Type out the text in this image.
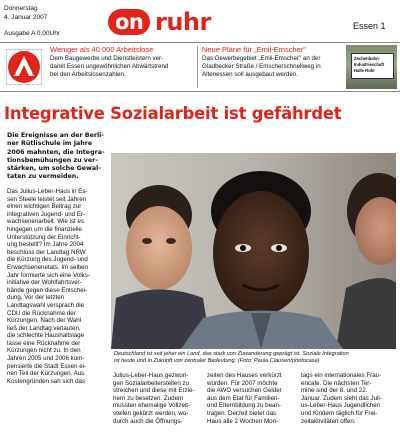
Donnerstag
4. Januar 2007
Ausgabe A 0.00Uhr	on ruhr	Essen 1
Weniger als 40 000 Arbeitslose
Dem Baugewerbe und Dienstleistern ver-
dankt Essen ungewöhnlichen Abwärtstrend
bei den Arbeitslosenzahlen.
Neue Pläne für „Emil-Emscher"
Das Gewerbegebiet „Emil-Emscher" an der
Gladbecker Straße / Emscherschnellweg in
Altenessen soll ausgebaut werden.
Zechenbahn-
Industrieschaft
Halle Ruhr
Integrative Sozialarbeit ist gefährdet
Die Ereignisse an der Berli-
ner Rütlischule im Jahre
2006 mahnten, die Integra-
tionsbemühungen zu ver-
stärken, um solche Gewal-
taten zu vermeiden.
Das Julius-Leber-Haus in Es-
sen Steele leistet seit Jahren
einen wichtigen Beitrag zur
integrativen Jugend- und Er-
wachsenenarbeit. Wie ist es
hingegen um die finanzielle
Unterstützung der Einricht-
ung bestellt? Im Jahre 2004
beschloss der Landtag NRW
die Kürzung des Jugend- und
Erwachsenenetats. Im selben
Jahr formierte sich eine Volks-
initiative der Wohlfahrtsver-
bände gegen diese Entschei-
dung. Vor der letzten
Landtagswahl versprach die
CDU die Rücknahme der
Kürzungen. Nach der Wahl
ließ der Landtag verlauten,
die schlechte Haushaltslage
lasse eine Rücknahme der
Kürzungen nicht zu. In den
Jahren 2005 und 2006 kom-
pensierte die Stadt Essen ei-
nen Teil der Kürzungen. Aus
Kostengründen sah sich das
Deutschland ist seit jeher ein Land, das stark von Zuwanderung geprägt ist. Soziale Integration
ist heute und in Zukunft von zentraler Bedeutung. (Foto: Paula Clausen/photocase)
Julius-Leber-Haus gezwun-
gen Sozialarbeiterstellen zu
streichen und diese mit Erzie-
hern zu besetzen. Zudem
mussten ehemalige Vollzeit-
stellen gekürzt werden, wo-
durch auch die Öffnungs-
zeiten des Hauses verkürzt
wurden. Für 2007 möchte
die AWO versuchen Gelder
aus dem Etat für Familien-
und Elternbildung zu bean-
tragen. Derzeit bietet das
Haus alle 2 Wochen Mon-
tags ein internationales Frau-
encafe. Die nächsten Ter-
mine sind der 8. und 22.
Januar. Zudem sieht das Juli-
us-Leber-Haus Jugendlichen
und Kindern täglich für Frei-
zeitaktivitäten offen.
